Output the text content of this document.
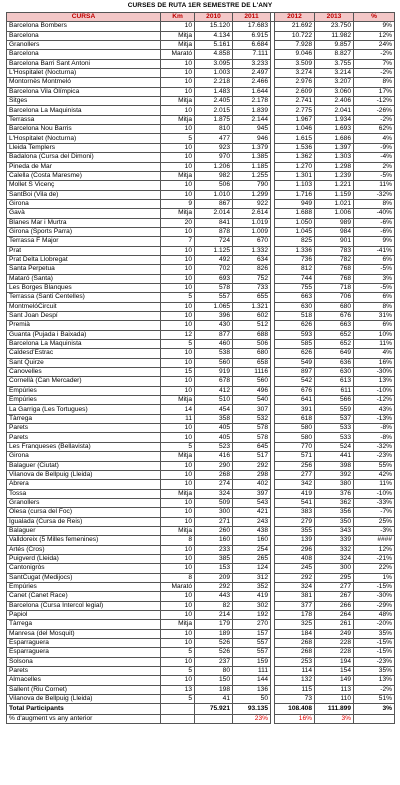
CURSES DE RUTA 1ER SEMESTRE DE L'ANY
CURSA	Km	2010	2011		2012	2013	%
Barcelona Bombers	10	15.120	17.683		21.692	23.750	9%
Barcelona	Mitja	4.134	6.915		10.722	11.982	12%
Granollers	Mitja	5.161	6.684		7.928	9.857	24%
Barcelona	Marató	4.858	7.111		9.046	8.827	-2%
Barcelona Barri Sant Antoni	10	3.095	3.233		3.509	3.755	7%
L'Hospitalet (Nocturna)	10	1.003	2.497		3.274	3.214	-2%
Montornès Montmeló	10	2.218	2.466		2.976	3.207	8%
Barcelona Vila Olímpica	10	1.483	1.644		2.609	3.060	17%
Sitges	Mitja	2.405	2.178		2.741	2.406	-12%
Barcelona La Maquinista	10	2.015	1.839		2.775	2.041	-26%
Terrassa	Mitja	1.875	2.144		1.967	1.934	-2%
Barcelona Nou Barris	10	810	945		1.046	1.693	62%
L'Hospitalet (Nocturna)	5	477	946		1.615	1.686	4%
Lleida Templers	10	923	1.379		1.536	1.397	-9%
Badalona (Cursa del Dimoni)	10	970	1.385		1.362	1.303	-4%
Pineda de Mar	10	1.206	1.185		1.270	1.298	2%
Calella (Costa Maresme)	Mitja	982	1.255		1.301	1.239	-5%
Mollet S Vicenç	10	506	790		1.103	1.221	11%
SantBoi (Vila de)	10	1.010	1.299		1.716	1.159	-32%
Girona	9	867	922		949	1.021	8%
Gavà	Mitja	2.014	2.614		1.688	1.006	-40%
Blanes Mar i Murtra	20	841	1.019		1.050	989	-6%
Girona (Sports Parra)	10	878	1.009		1.045	984	-6%
Terrassa F Major	7	724	670		825	901	9%
Prat	10	1.125	1.332		1.336	783	-41%
Prat Delta Llobregat	10	492	634		736	782	6%
Santa Perpetua	10	702	826		812	768	-5%
Mataró (Santa)	10	693	752		744	768	3%
Les Borges Blanques	10	578	733		755	718	-5%
Terrassa (Santi Centelles)	5	557	655		663	706	6%
MontmelóCircuit	10	1.065	1.321		630	680	8%
Sant Joan Despí	10	396	602		518	676	31%
Premià	10	430	512		626	663	6%
Guanta (Pujada i Baixada)	12	877	688		593	652	10%
Barcelona La Maquinista	5	460	506		585	652	11%
Caldesd'Estrac	10	538	680		626	649	4%
Sant Quirze	10	560	658		549	636	16%
Canovelles	15	919	1116		897	630	-30%
Cornellà (Can Mercader)	10	678	560		542	613	13%
Empúries	10	412	496		676	611	-10%
Empúries	Mitja	510	540		641	566	-12%
La Garriga (Les Tortugues)	14	454	307		391	559	43%
Tàrrega	11	358	532		618	537	-13%
Parets	10	405	578		580	533	-8%
Parets	10	405	578		580	533	-8%
Les Franqueses (Bellavista)	5	523	645		770	524	-32%
Girona	Mitja	416	517		571	441	-23%
Balaguer (Ciutat)	10	290	292		256	398	55%
Vilanova de Bellpuig (Lleida)	10	268	298		277	392	42%
Abrera	10	274	402		342	380	11%
Tossa	Mitja	324	397		419	376	-10%
Granollers	10	509	543		541	362	-33%
Olesa (cursa del Foc)	10	300	421		383	356	-7%
Igualada (Cursa de Reis)	10	271	243		279	350	25%
Balaguer	Mitja	260	438		355	343	-3%
Valldoreix (5 Milles femenines)	8	160	160		139	339	####
Artés (Cros)	10	233	254		296	332	12%
Puigverd (Lleida)	10	385	265		408	324	-21%
Cantonigròs	10	153	124		245	300	22%
SantCugat (Medijocs)	8	209	312		292	295	1%
Empúries	Marató	292	352		324	277	-15%
Canet (Canet Race)	10	443	419		381	267	-30%
Barcelona (Cursa Intercol legial)	10	82	302		377	266	-29%
Papiol	10	214	192		178	264	48%
Tàrrega	Mitja	179	270		325	261	-20%
Manresa (del Mosquit)	10	189	157		184	249	35%
Esparraguera	10	526	557		268	228	-15%
Esparraguera	5	526	557		268	228	-15%
Solsona	10	237	159		253	194	-23%
Parets	5	80	111		114	154	35%
Almacelles	10	150	144		132	149	13%
Sallent (Riu Cornet)	13	198	136		115	113	-2%
Vilanova de Bellpuig (Lleida)	5	41	50		73	110	51%
Total Participants		75.921	93.135		108.408	111.899	3%
% d'augment vs any anterior			23%		16%	3%	
